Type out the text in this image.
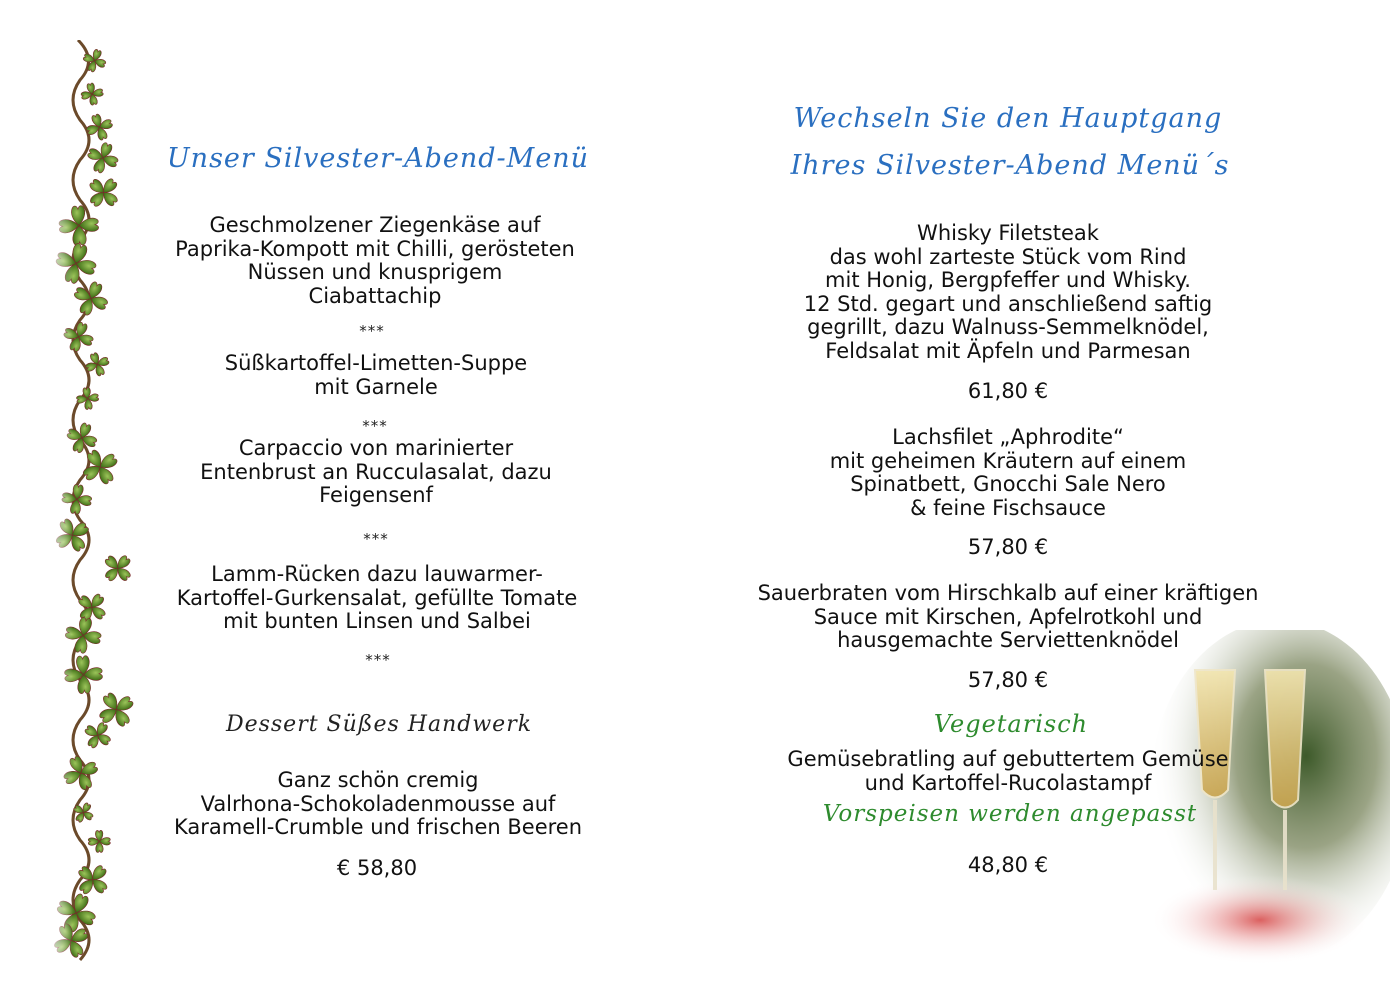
Unser Silvester-Abend-Menü
Geschmolzener Ziegenkäse auf
Paprika-Kompott mit Chilli, gerösteten
Nüssen und knusprigem
Ciabattachip
***
Süßkartoffel-Limetten-Suppe
mit Garnele
***
Carpaccio von marinierter
Entenbrust an Rucculasalat, dazu
Feigensenf
***
Lamm-Rücken dazu lauwarmer-
Kartoffel-Gurkensalat, gefüllte Tomate
mit bunten Linsen und Salbei
***
Dessert Süßes Handwerk
Ganz schön cremig
Valrhona-Schokoladenmousse auf
Karamell-Crumble und frischen Beeren
€ 58,80
Wechseln Sie den Hauptgang
Ihres Silvester-Abend Menü´s
Whisky Filetsteak
das wohl zarteste Stück vom Rind
mit Honig, Bergpfeffer und Whisky.
12 Std. gegart und anschließend saftig
gegrillt, dazu Walnuss-Semmelknödel,
Feldsalat mit Äpfeln und Parmesan
61,80 €
Lachsfilet „Aphrodite“
mit geheimen Kräutern auf einem
Spinatbett, Gnocchi Sale Nero
& feine Fischsauce
57,80 €
Sauerbraten vom Hirschkalb auf einer kräftigen
Sauce mit Kirschen, Apfelrotkohl und
hausgemachte Serviettenknödel
57,80 €
Vegetarisch
Gemüsebratling auf gebuttertem Gemüse
und Kartoffel-Rucolastampf
Vorspeisen werden angepasst
48,80 €
